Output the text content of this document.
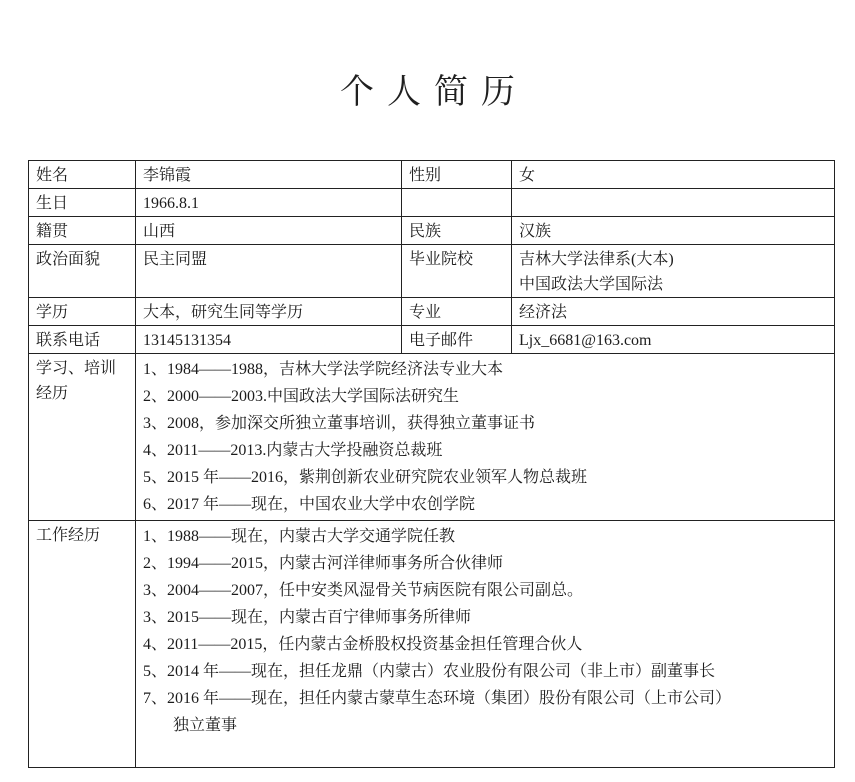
个人简历
姓名	李锦霞	性别	女
生日	1966.8.1		
籍贯	山西	民族	汉族
政治面貌	民主同盟	毕业院校	吉林大学法律系(大本)
中国政法大学国际法

学历	大本，研究生同等学历	专业	经济法
联系电话	13145131354	电子邮件	Ljx_6681@163.com

学习、培训
经历

1、1984——1988，吉林大学法学院经济法专业大本
2、2000——2003.中国政法大学国际法研究生
3、2008，参加深交所独立董事培训，获得独立董事证书
4、2011——2013.内蒙古大学投融资总裁班
5、2015 年——2016，紫荆创新农业研究院农业领军人物总裁班
6、2017 年——现在，中国农业大学中农创学院

工作经历	1、1988——现在，内蒙古大学交通学院任教
2、1994——2015，内蒙古河洋律师事务所合伙律师
3、2004——2007，任中安类风湿骨关节病医院有限公司副总。
3、2015——现在，内蒙古百宁律师事务所律师
4、2011——2015，任内蒙古金桥股权投资基金担任管理合伙人
5、2014 年——现在，担任龙鼎（内蒙古）农业股份有限公司（非上市）副董事长
7、2016 年——现在，担任内蒙古蒙草生态环境（集团）股份有限公司（上市公司）
独立董事
